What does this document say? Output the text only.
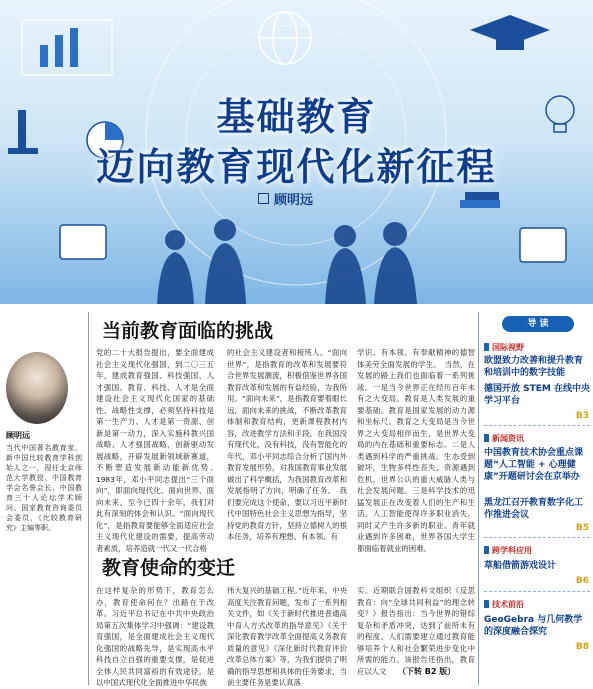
基础教育
迈向教育现代化新征程
顾明远
顾明远
当代中国著名教育家，新中国比较教育学科创始人之一，现任北京师范大学教授、中国教育学会名誉会长、中国教育三十人论坛学术顾问、国家教育咨询委员会委员，《比较教育研究》主编等职。
当前教育面临的挑战
党的二十大报告提出，要全面建成社会主义现代化强国，到二〇三五年，建成教育强国、科技强国、人才强国。教育、科技、人才是全面建设社会主义现代化国家的基础性、战略性支撑，必须坚持科技是第一生产力、人才是第一资源、创新是第一动力，深入实施科教兴国战略、人才强国战略、创新驱动发展战略，开辟发展新领域新赛道，不断塑造发展新动能新优势。　1983年，邓小平同志提出“三个面向”，即面向现代化、面向世界、面向未来。至今已四十余年，我们对此有深刻的体会和认识。“面向现代化”，是指教育要能够全面适应社会主义现代化建设的需要，提高劳动者素质，培养造就一代又一代合格
的社会主义建设者和接班人。“面向世界”，是指教育的改革和发展要符合世界发展潮流，积极借鉴世界各国教育改革和发展的有益经验，为我所用。“面向未来”，是指教育要着眼长远，面向未来的挑战，不断改革教育体制和教育结构，更新课程教材内容，改进教学方法和手段，在我国没有现代化，没有科技，没有智能化的年代，邓小平同志综合分析了国内外教育发展形势，对我国教育事业发展做出了科学概括，为我国教育改革和发展指明了方向，明确了任务。　我们要完成这个使命，要以习近平新时代中国特色社会主义思想为指导，坚持党的教育方针，坚持立德树人的根本任务，培养有理想、有本领、有
学识、有本领、有奉献精神的德智体美劳全面发展的学生。　当然，在发展的路上我们也面临着一系列挑战。一是当今世界正在经历百年未有之大变局。教育是人类发展的重要基础。教育是国家发展的动力源和坐标尺。教育之大变局是当今世界之大变局相伴而生，是世界大变局的内在基础和重要标志。二是人类遇到科学的严重挑战。生态受到破坏，生物多样性丧失，资源遇到危机，世界公认的重大威胁人类与社会发展问题。三是科学技术的迅猛发展正在改变着人们的生产和生活。人工智能使得许多职业消失，同时又产生许多新的职业。青年就业遇到许多困难，世界各国大学生都面临着就业的困难。
教育使命的变迁
在这样复杂的形势下，教育怎么办，教育使命何在？出路在于改革。习近平总书记在中共中央政治局第五次集体学习中强调：“建设教育强国，是全面建成社会主义现代化强国的战略先导，是实现高水平科技自立自强的重要支撑，是促进全体人民共同富裕的有效途径，是以中国式现代化全面推进中华民族
伟大复兴的基础工程。”近年来，中央高度关注教育问题，发布了一系列相关文件，如《关于新时代推进普通高中育人方式改革的指导意见》《关于深化教育教学改革全面提高义务教育质量的意见》《深化新时代教育评价改革总体方案》等，为我们提供了明确的指导思想和具体的任务要求，当前主要任务是要认真落
实。近期联合国教科文组织《反思教育：向“全球共同利益”的理念转变？》报告指出：当今世界的错综复杂和矛盾冲突，达到了前所未有的程度。人们需要建立通过教育能够培养个人和社会繁荣进步变化中所需的能力。该报告还指出，教育应以人文	（下转 B2 版）
导 读
国际视野
欧盟致力改善和提升教育和培训中的数字技能
德国开放 STEM 在线中央学习平台
B3
新闻资讯
中国教育技术协会重点课题“人工智能 + 心理健康”开题研讨会在京举办
黑龙江召开教育数字化工作推进会议
B5
跨学科应用
草船借箭游戏设计
B6
技术前沿
GeoGebra 与几何教学的深度融合探究
B8
